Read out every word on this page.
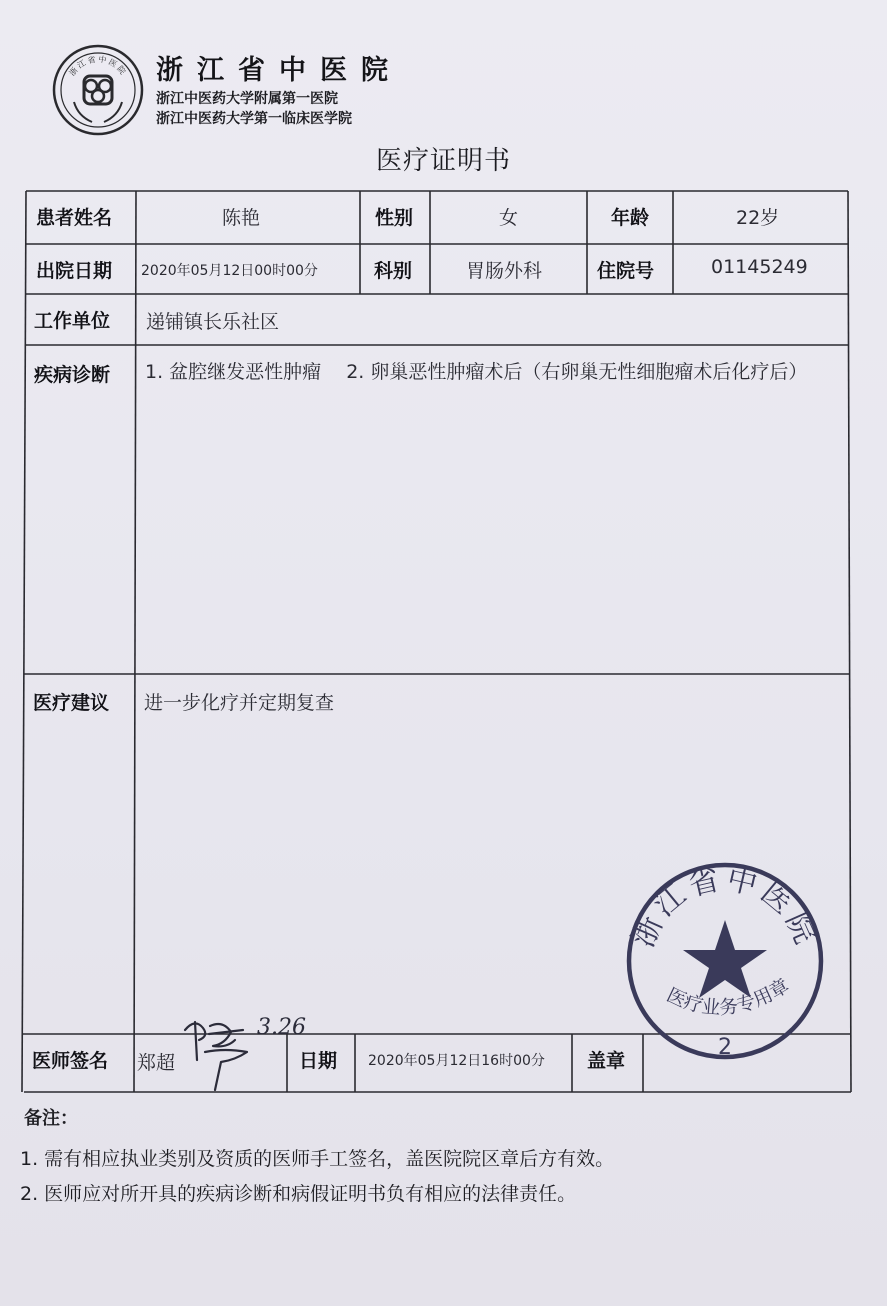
浙江省中医院 浙江省中医院
浙江中医药大学附属第一医院
浙江中医药大学第一临床医学院
医疗证明书
患者姓名	陈艳	性别	女	年龄	22岁
出院日期 2020年05月12日00时00分	科别	胃肠外科	住院号	01145249
工作单位 递铺镇长乐社区
疾病诊断 1. 盆腔继发恶性肿瘤　 2. 卵巢恶性肿瘤术后（右卵巢无性细胞瘤术后化疗后）
医疗建议 进一步化疗并定期复查
浙江省中医院
医疗业务专用章
2
医师签名 郑超	日期 2020年05月12日16时00分 盖章
3.26
备注：
1. 需有相应执业类别及资质的医师手工签名，盖医院院区章后方有效。
2. 医师应对所开具的疾病诊断和病假证明书负有相应的法律责任。
